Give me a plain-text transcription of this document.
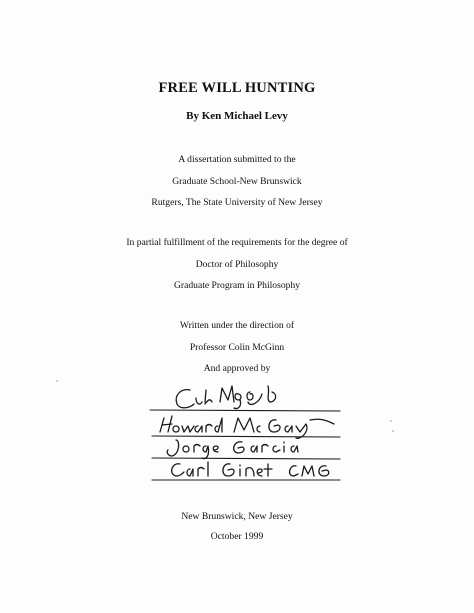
FREE WILL HUNTING
By Ken Michael Levy
A dissertation submitted to the
Graduate School-New Brunswick
Rutgers, The State University of New Jersey
In partial fulfillment of the requirements for the degree of
Doctor of Philosophy
Graduate Program in Philosophy
Written under the direction of
Professor Colin McGinn
And approved by
New Brunswick, New Jersey
October 1999
